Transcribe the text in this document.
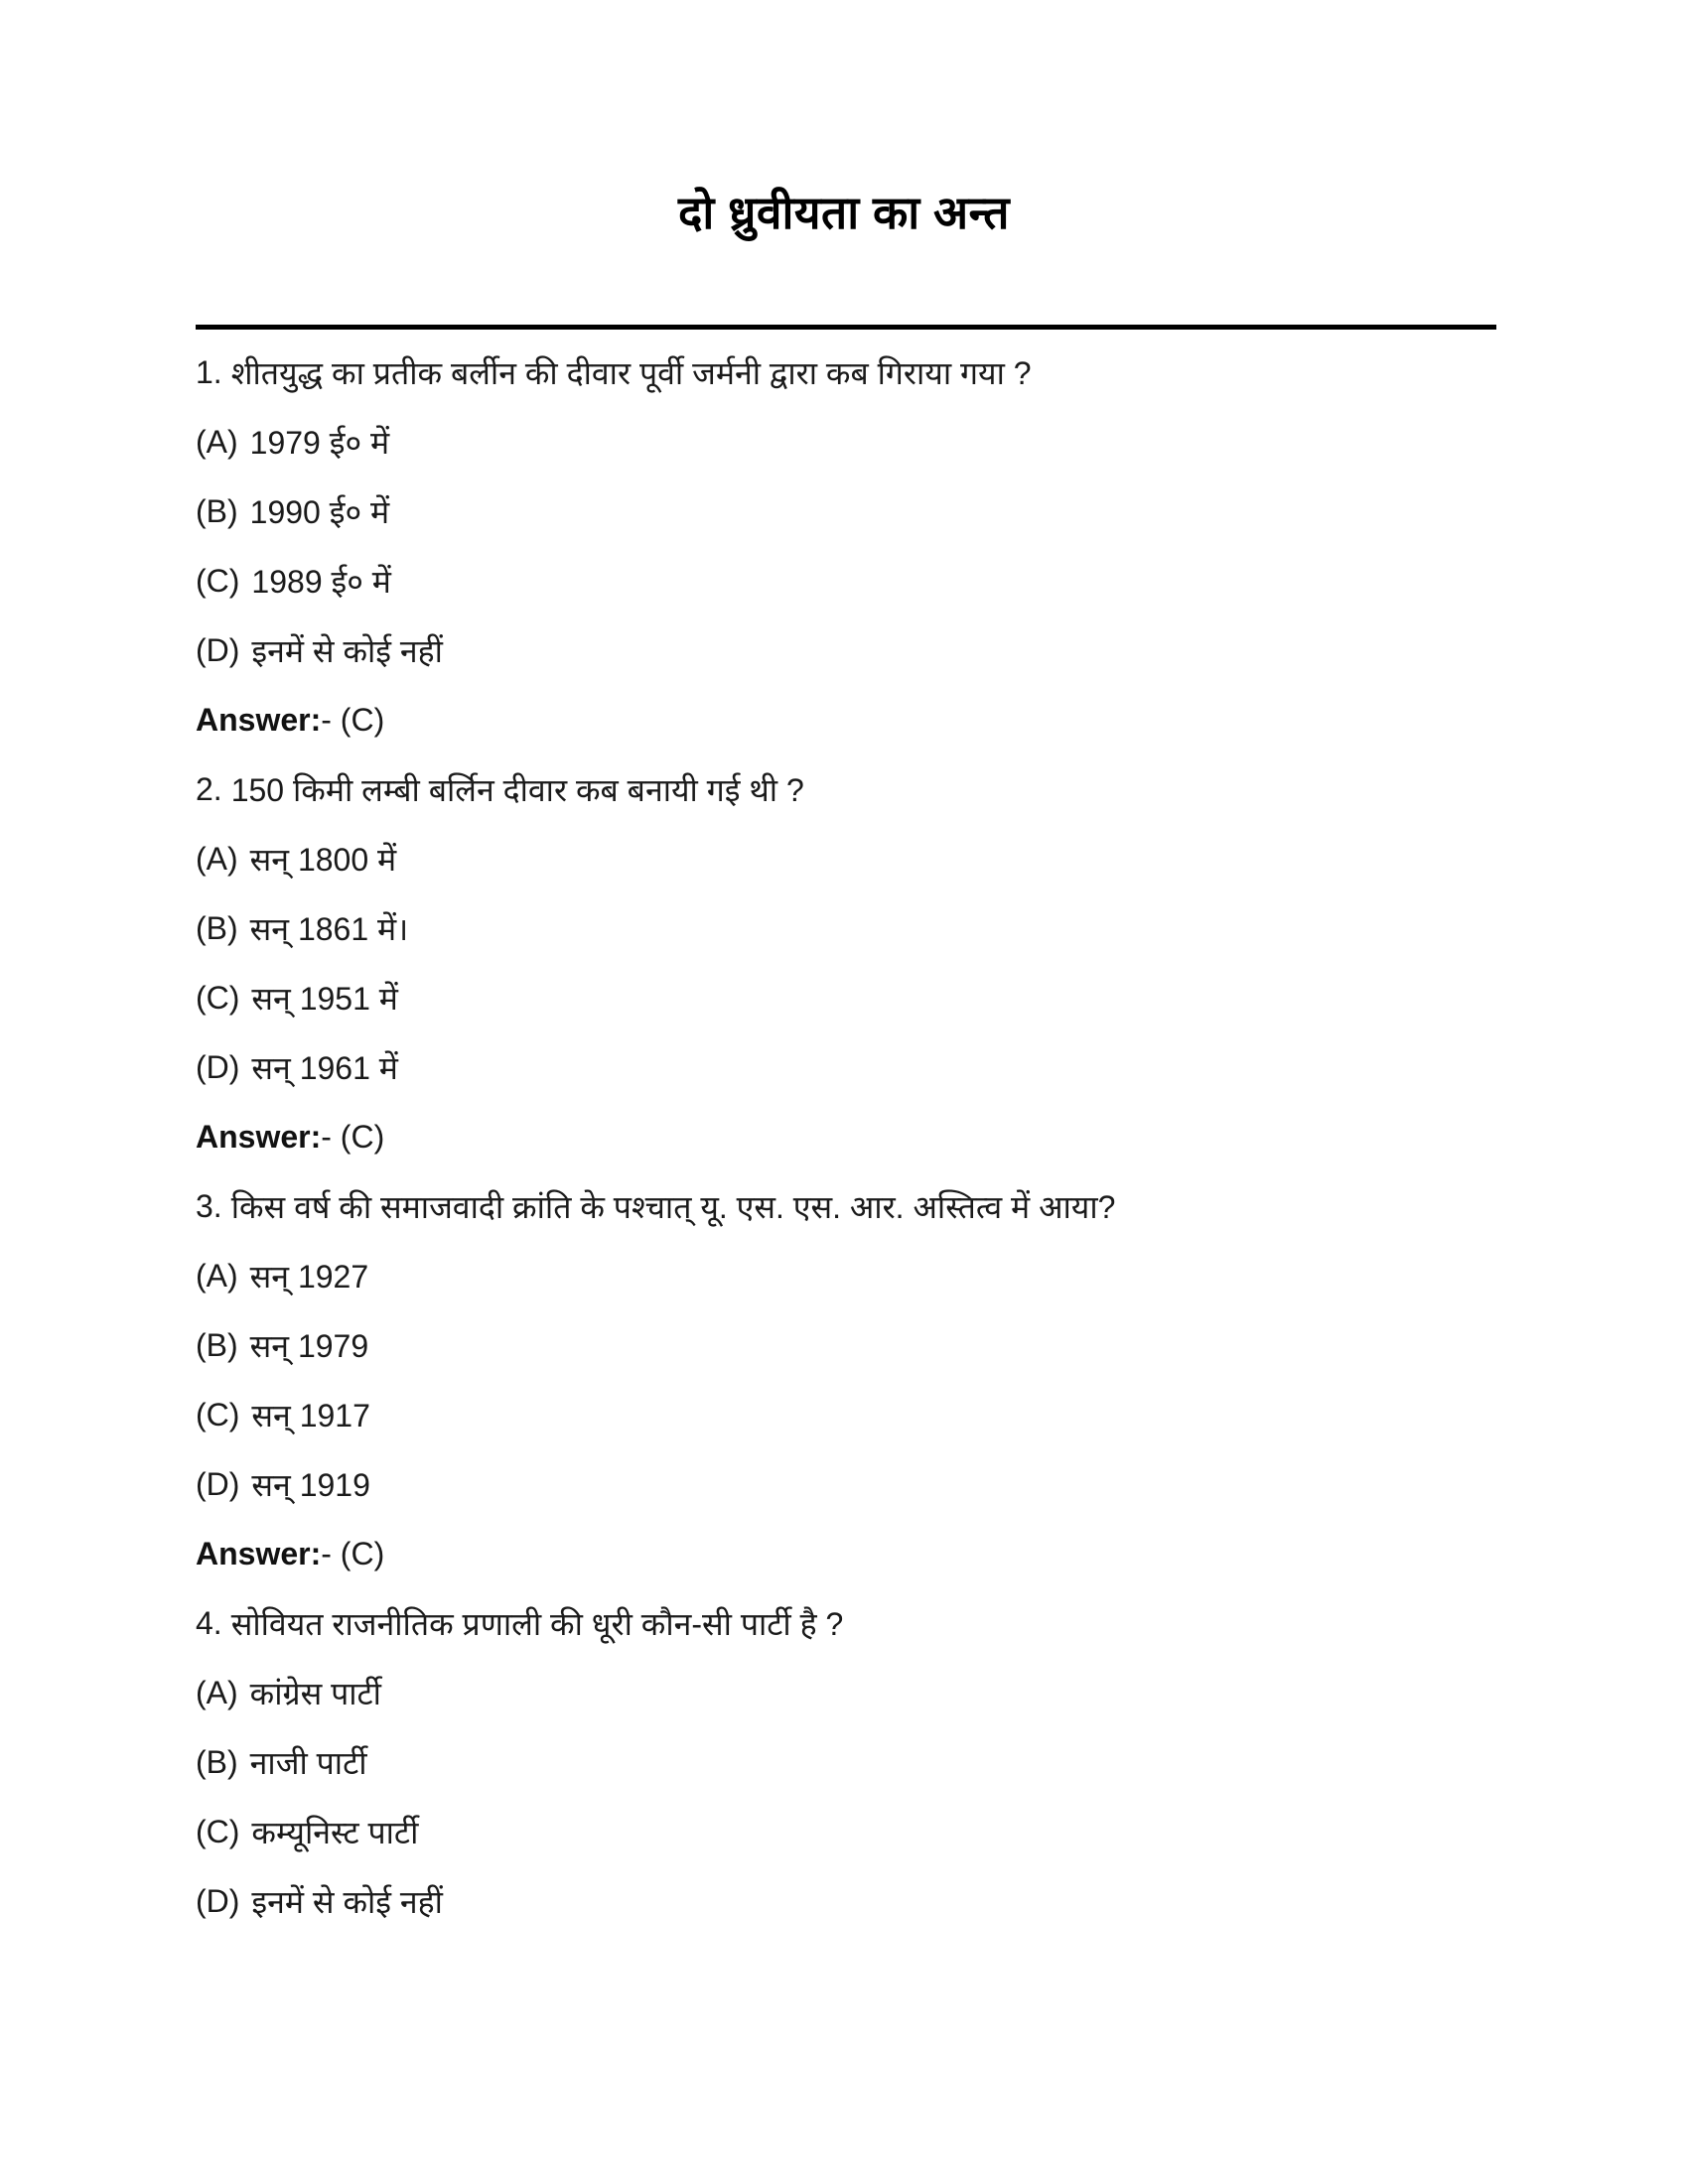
दो ध्रुवीयता का अन्त
1. शीतयुद्ध का प्रतीक बर्लीन की दीवार पूर्वी जर्मनी द्वारा कब गिराया गया ?
(A) 1979 ई० में
(B) 1990 ई० में
(C) 1989 ई० में
(D) इनमें से कोई नहीं
Answer: - (C)
2. 150 किमी लम्बी बर्लिन दीवार कब बनायी गई थी ?
(A) सन् 1800 में
(B) सन् 1861 में।
(C) सन् 1951 में
(D) सन् 1961 में
Answer: - (C)
3. किस वर्ष की समाजवादी क्रांति के पश्चात् यू. एस. एस. आर. अस्तित्व में आया?
(A) सन् 1927
(B) सन् 1979
(C) सन् 1917
(D) सन् 1919
Answer: - (C)
4. सोवियत राजनीतिक प्रणाली की धूरी कौन-सी पार्टी है ?
(A) कांग्रेस पार्टी
(B) नाजी पार्टी
(C) कम्यूनिस्ट पार्टी
(D) इनमें से कोई नहीं
